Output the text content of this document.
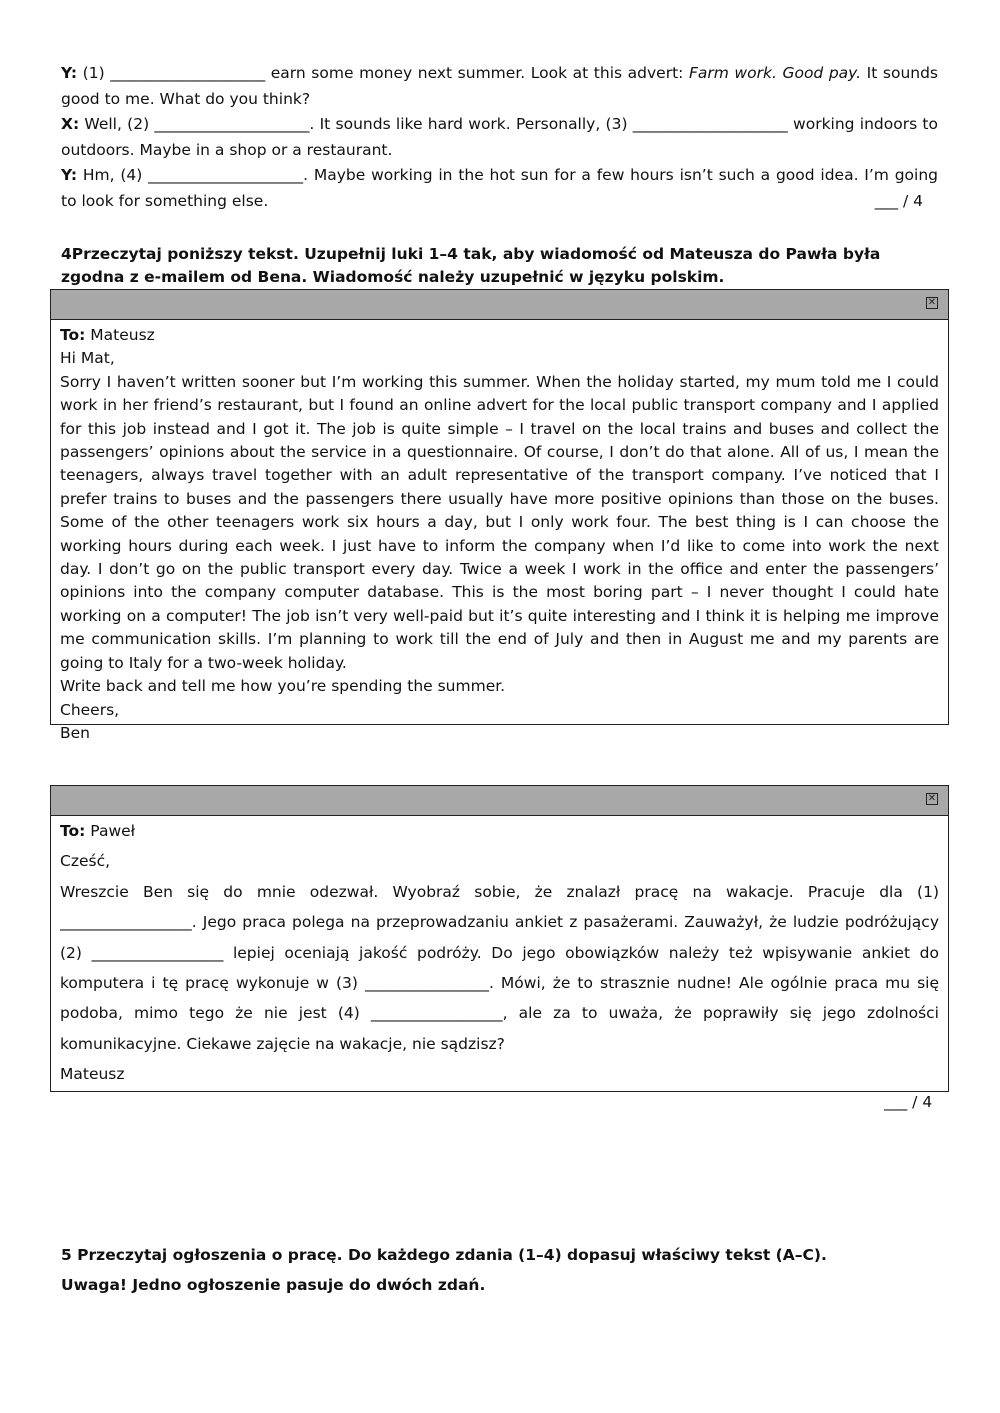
Y: (1) ____________________ earn some money next summer. Look at this advert: Farm work. Good pay. It sounds good to me. What do you think?

X: Well, (2) ____________________. It sounds like hard work. Personally, (3) ____________________ working indoors to outdoors. Maybe in a shop or a restaurant.

Y: Hm, (4) ____________________. Maybe working in the hot sun for a few hours isn’t such a good idea. I’m going to look for something else.	___ / 4

4Przeczytaj poniższy tekst. Uzupełnij luki 1–4 tak, aby wiadomość od Mateusza do Pawła była zgodna z e-mailem od Bena. Wiadomość należy uzupełnić w języku polskim.
✕

To: Mateusz

Hi Mat,

Sorry I haven’t written sooner but I’m working this summer. When the holiday started, my mum told me I could work in her friend’s restaurant, but I found an online advert for the local public transport company and I applied for this job instead and I got it. The job is quite simple – I travel on the local trains and buses and collect the passengers’ opinions about the service in a questionnaire. Of course, I don’t do that alone. All of us, I mean the teenagers, always travel together with an adult representative of the transport company. I’ve noticed that I prefer trains to buses and the passengers there usually have more positive opinions than those on the buses. Some of the other teenagers work six hours a day, but I only work four. The best thing is I can choose the working hours during each week. I just have to inform the company when I’d like to come into work the next day. I don’t go on the public transport every day. Twice a week I work in the office and enter the passengers’ opinions into the company computer database. This is the most boring part – I never thought I could hate working on a computer! The job isn’t very well-paid but it’s quite interesting and I think it is helping me improve me communication skills. I’m planning to work till the end of July and then in August me and my parents are going to Italy for a two-week holiday.

Write back and tell me how you’re spending the summer.

Cheers,

Ben

✕

To: Paweł

Cześć,

Wreszcie Ben się do mnie odezwał. Wyobraź sobie, że znalazł pracę na wakacje. Pracuje dla (1) _________________. Jego praca polega na przeprowadzaniu ankiet z pasażerami. Zauważył, że ludzie podróżujący (2) _________________ lepiej oceniają jakość podróży. Do jego obowiązków należy też wpisywanie ankiet do komputera i tę pracę wykonuje w (3) ________________. Mówi, że to strasznie nudne! Ale ogólnie praca mu się podoba, mimo tego że nie jest (4) _________________, ale za to uważa, że poprawiły się jego zdolności komunikacyjne. Ciekawe zajęcie na wakacje, nie sądzisz?

Mateusz

___ / 4

5 Przeczytaj ogłoszenia o pracę. Do każdego zdania (1–4) dopasuj właściwy tekst (A–C).

Uwaga! Jedno ogłoszenie pasuje do dwóch zdań.
